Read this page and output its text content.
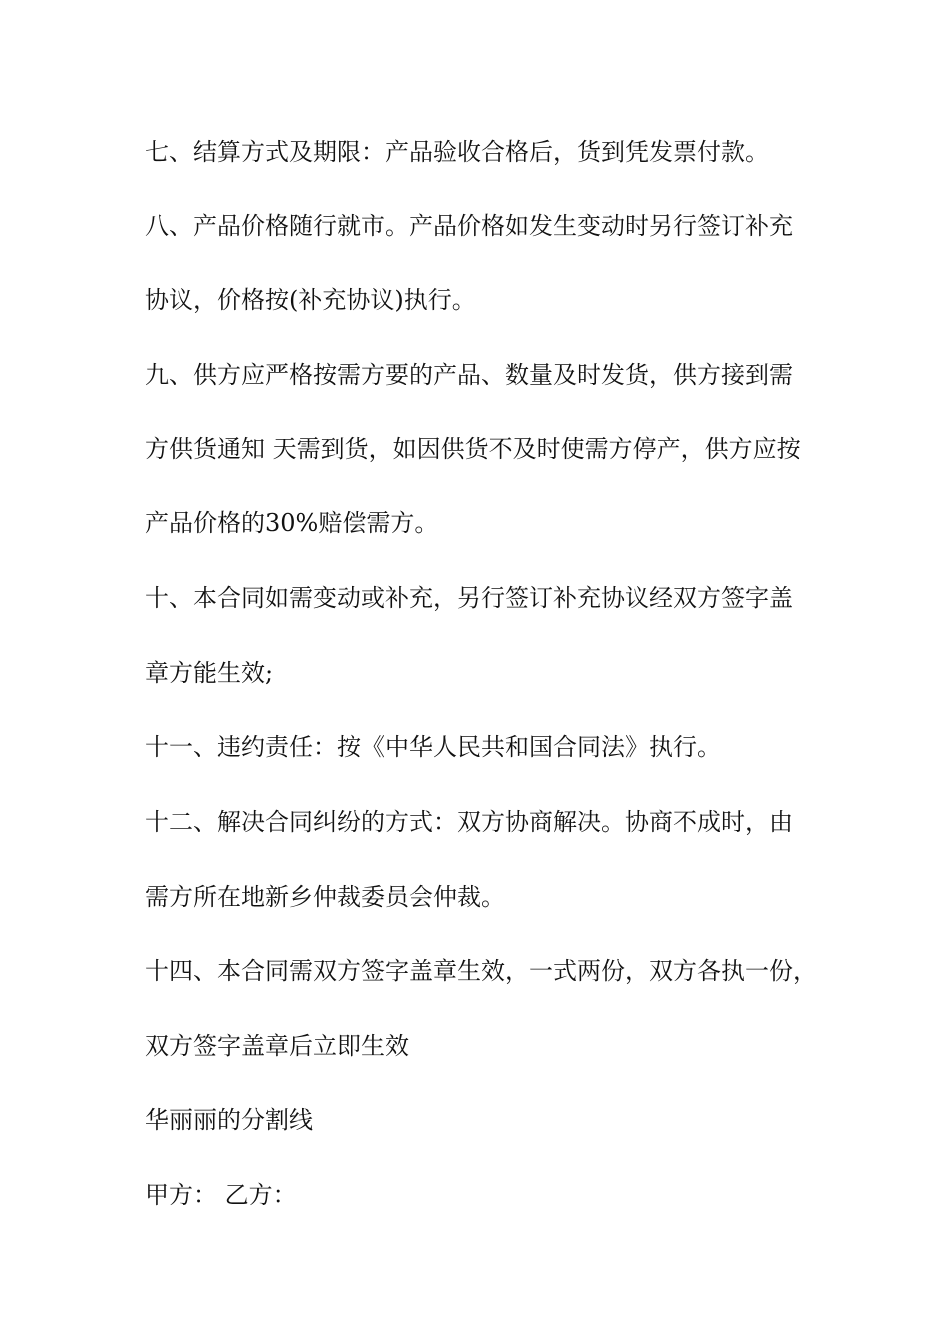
七、结算方式及期限：产品验收合格后，货到凭发票付款。
八、产品价格随行就市。产品价格如发生变动时另行签订补充
协议，价格按(补充协议)执行。
九、供方应严格按需方要的产品、数量及时发货，供方接到需
方供货通知 天需到货，如因供货不及时使需方停产，供方应按
产品价格的30%赔偿需方。
十、本合同如需变动或补充，另行签订补充协议经双方签字盖
章方能生效;
十一、违约责任：按《中华人民共和国合同法》执行。
十二、解决合同纠纷的方式：双方协商解决。协商不成时，由
需方所在地新乡仲裁委员会仲裁。
十四、本合同需双方签字盖章生效，一式两份，双方各执一份，
双方签字盖章后立即生效
华丽丽的分割线
甲方： 乙方：
